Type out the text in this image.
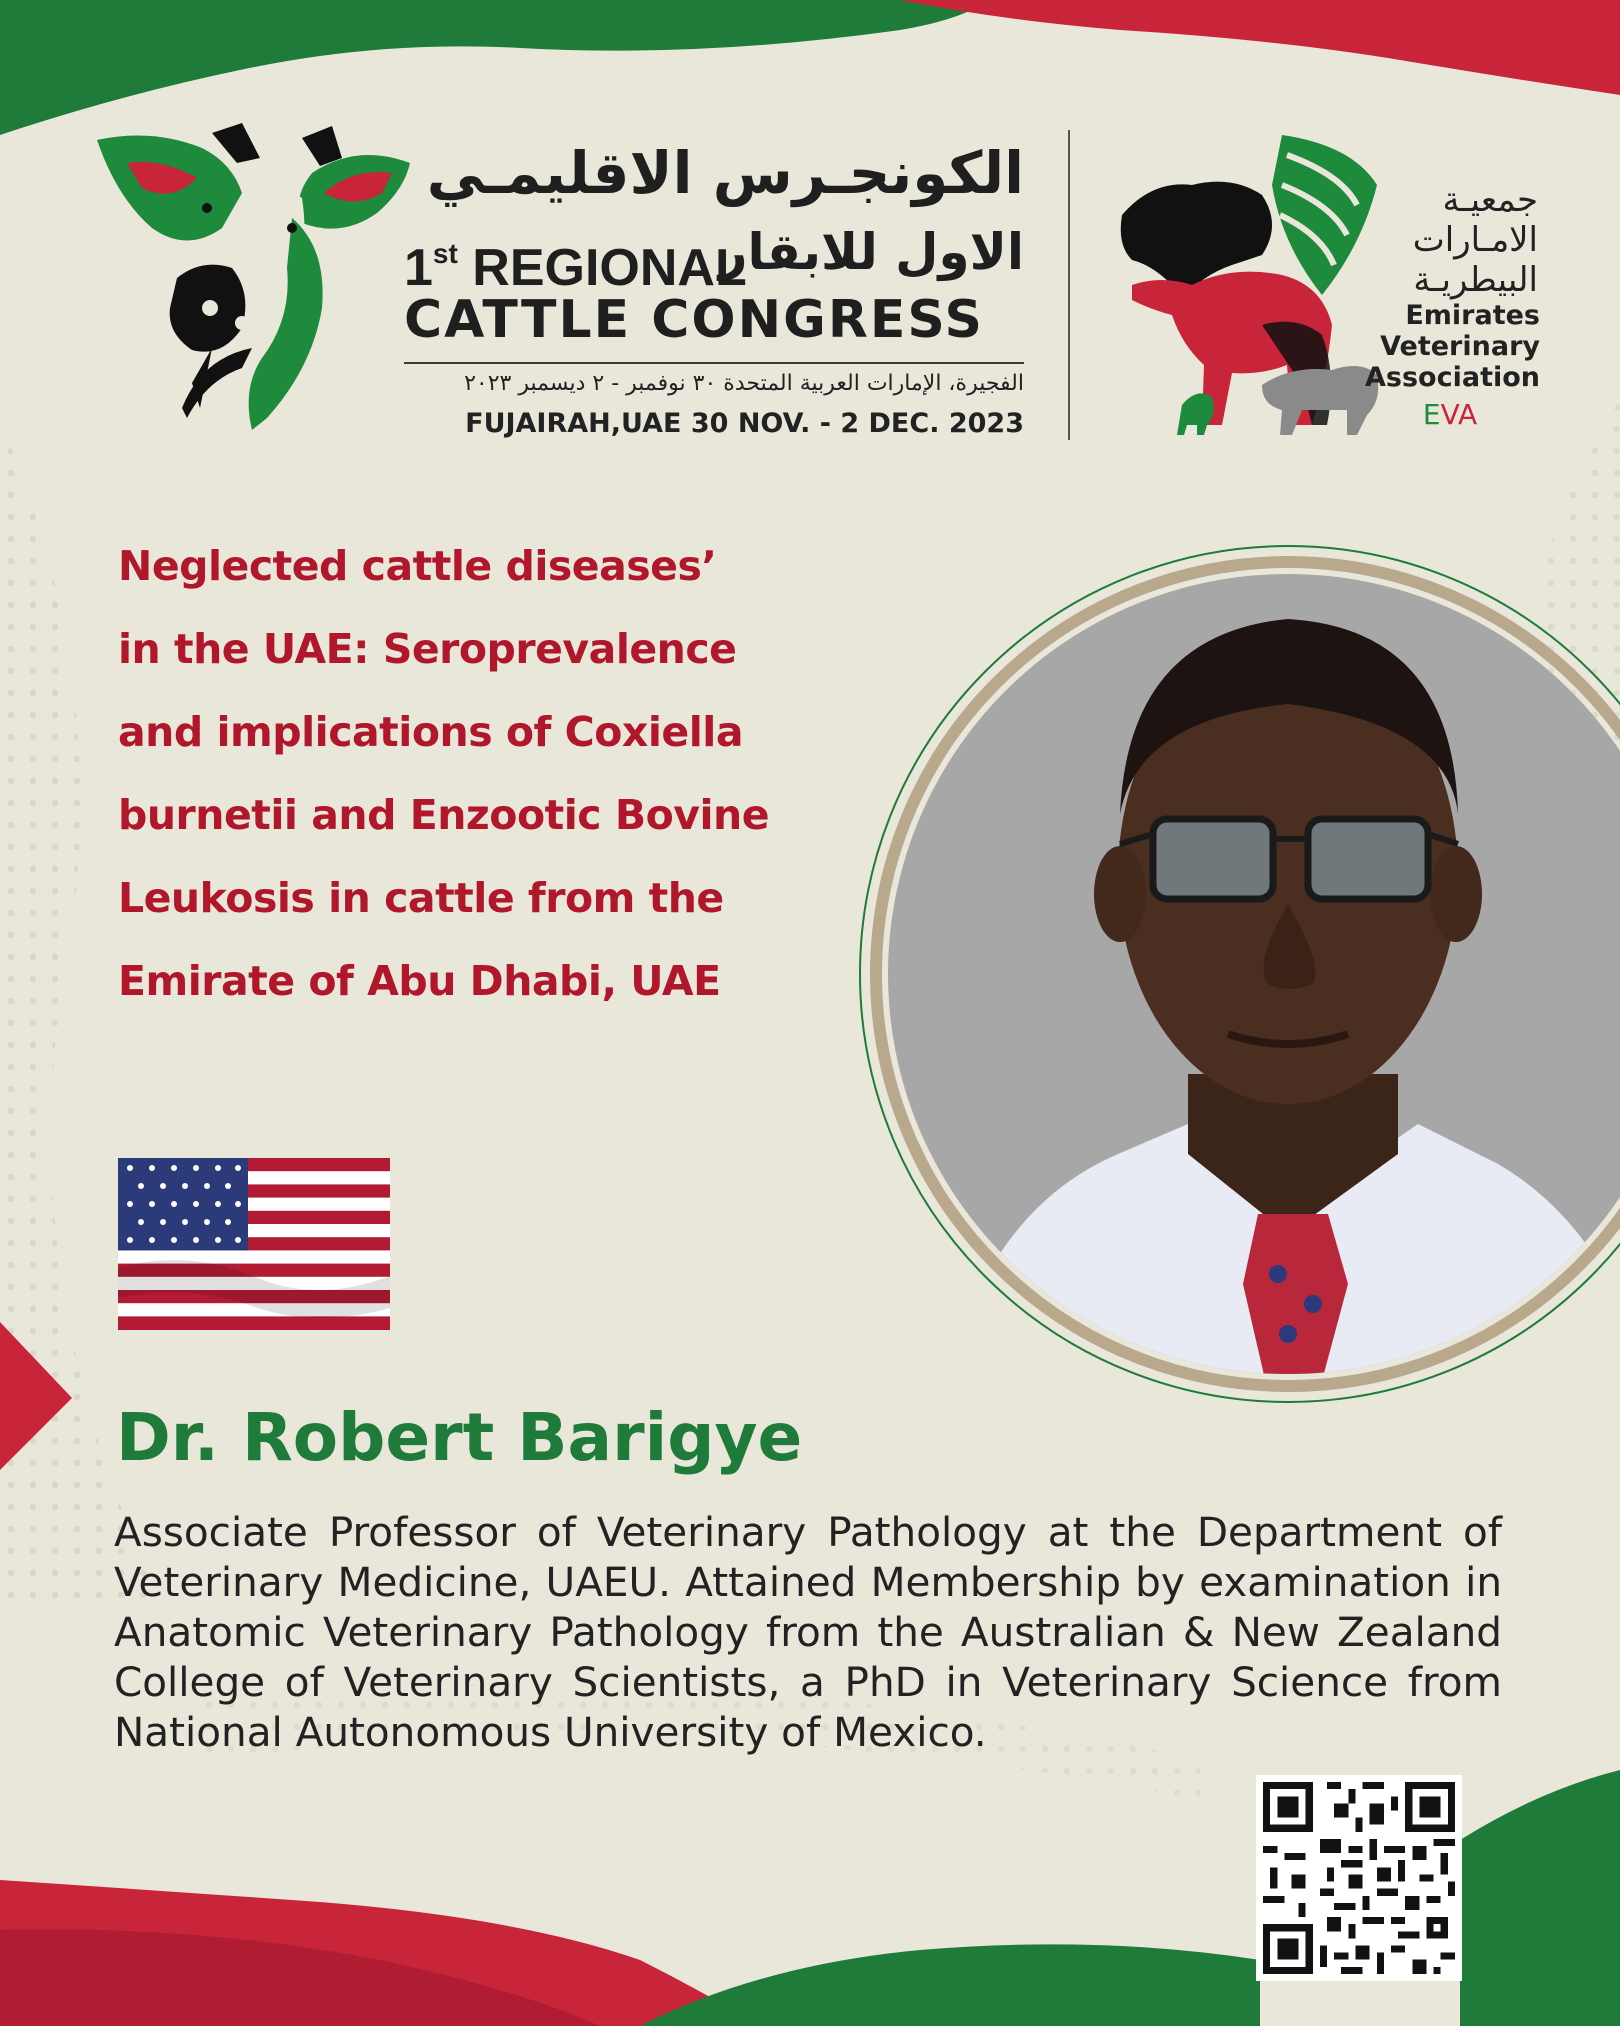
الكونجـرس الاقليمـي
1st REGIONAL
الاول للابقار
CATTLE CONGRESS
الفجيرة، الإمارات العربية المتحدة ٣٠ نوفمبر - ٢ ديسمبر ٢٠٢٣
FUJAIRAH,UAE 30 NOV. - 2 DEC. 2023
جمعيـة الامـارات البيطريـة
Emirates
Veterinary
Association
EVA
Neglected cattle diseases’
in the UAE: Seroprevalence
and implications of Coxiella
burnetii and Enzootic Bovine
Leukosis in cattle from the
Emirate of Abu Dhabi, UAE
Dr. Robert Barigye
Associate Professor of Veterinary Pathology at the Department of Veterinary Medicine, UAEU. Attained Membership by examination in Anatomic Veterinary Pathology from the Australian & New Zealand College of Veterinary Scientists, a PhD in Veterinary Science from National Autonomous University of Mexico.
